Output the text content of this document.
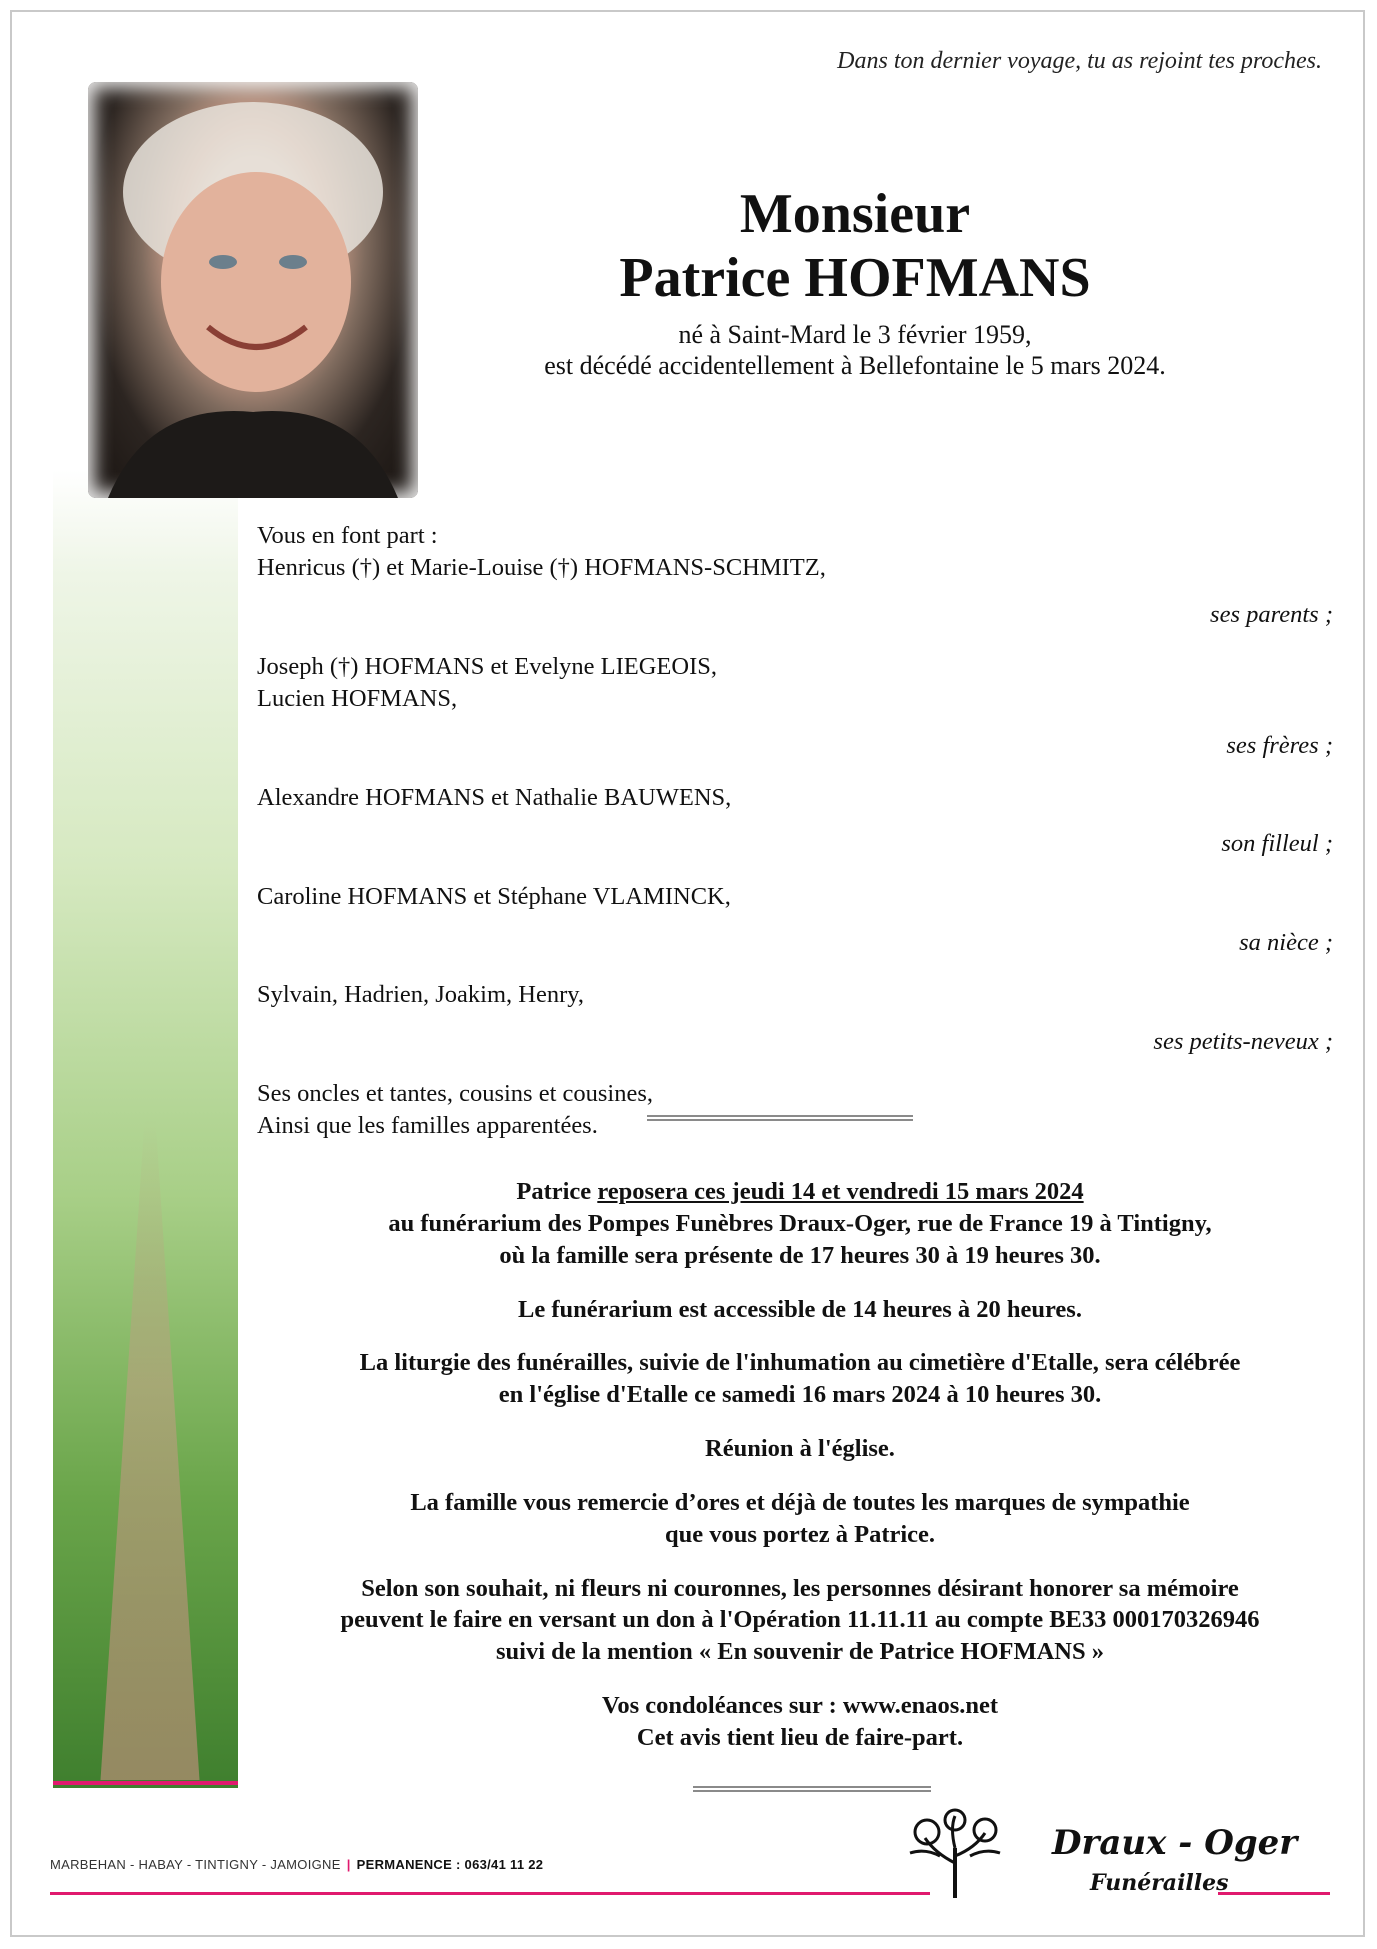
Dans ton dernier voyage, tu as rejoint tes proches.
Monsieur
Patrice HOFMANS
né à Saint-Mard le 3 février 1959,
est décédé accidentellement à Bellefontaine le 5 mars 2024.
Vous en font part :
Henricus (†) et Marie-Louise (†) HOFMANS-SCHMITZ,
ses parents ;
Joseph (†) HOFMANS et Evelyne LIEGEOIS,
Lucien HOFMANS,
ses frères ;
Alexandre HOFMANS et Nathalie BAUWENS,
son filleul ;
Caroline HOFMANS et Stéphane VLAMINCK,
sa nièce ;
Sylvain, Hadrien, Joakim, Henry,
ses petits-neveux ;
Ses oncles et tantes, cousins et cousines,
Ainsi que les familles apparentées.
Patrice reposera ces jeudi 14 et vendredi 15 mars 2024
au funérarium des Pompes Funèbres Draux-Oger, rue de France 19 à Tintigny,
où la famille sera présente de 17 heures 30 à 19 heures 30.
Le funérarium est accessible de 14 heures à 20 heures.
La liturgie des funérailles, suivie de l'inhumation au cimetière d'Etalle, sera célébrée
en l'église d'Etalle ce samedi 16 mars 2024 à 10 heures 30.
Réunion à l'église.
La famille vous remercie d’ores et déjà de toutes les marques de sympathie
que vous portez à Patrice.
Selon son souhait, ni fleurs ni couronnes, les personnes désirant honorer sa mémoire
peuvent le faire en versant un don à l'Opération 11.11.11 au compte BE33 000170326946
suivi de la mention « En souvenir de Patrice HOFMANS »
Vos condoléances sur : www.enaos.net
Cet avis tient lieu de faire-part.
MARBEHAN - HABAY - TINTIGNY - JAMOIGNE | PERMANENCE : 063/41 11 22
Draux - Oger
Funérailles
